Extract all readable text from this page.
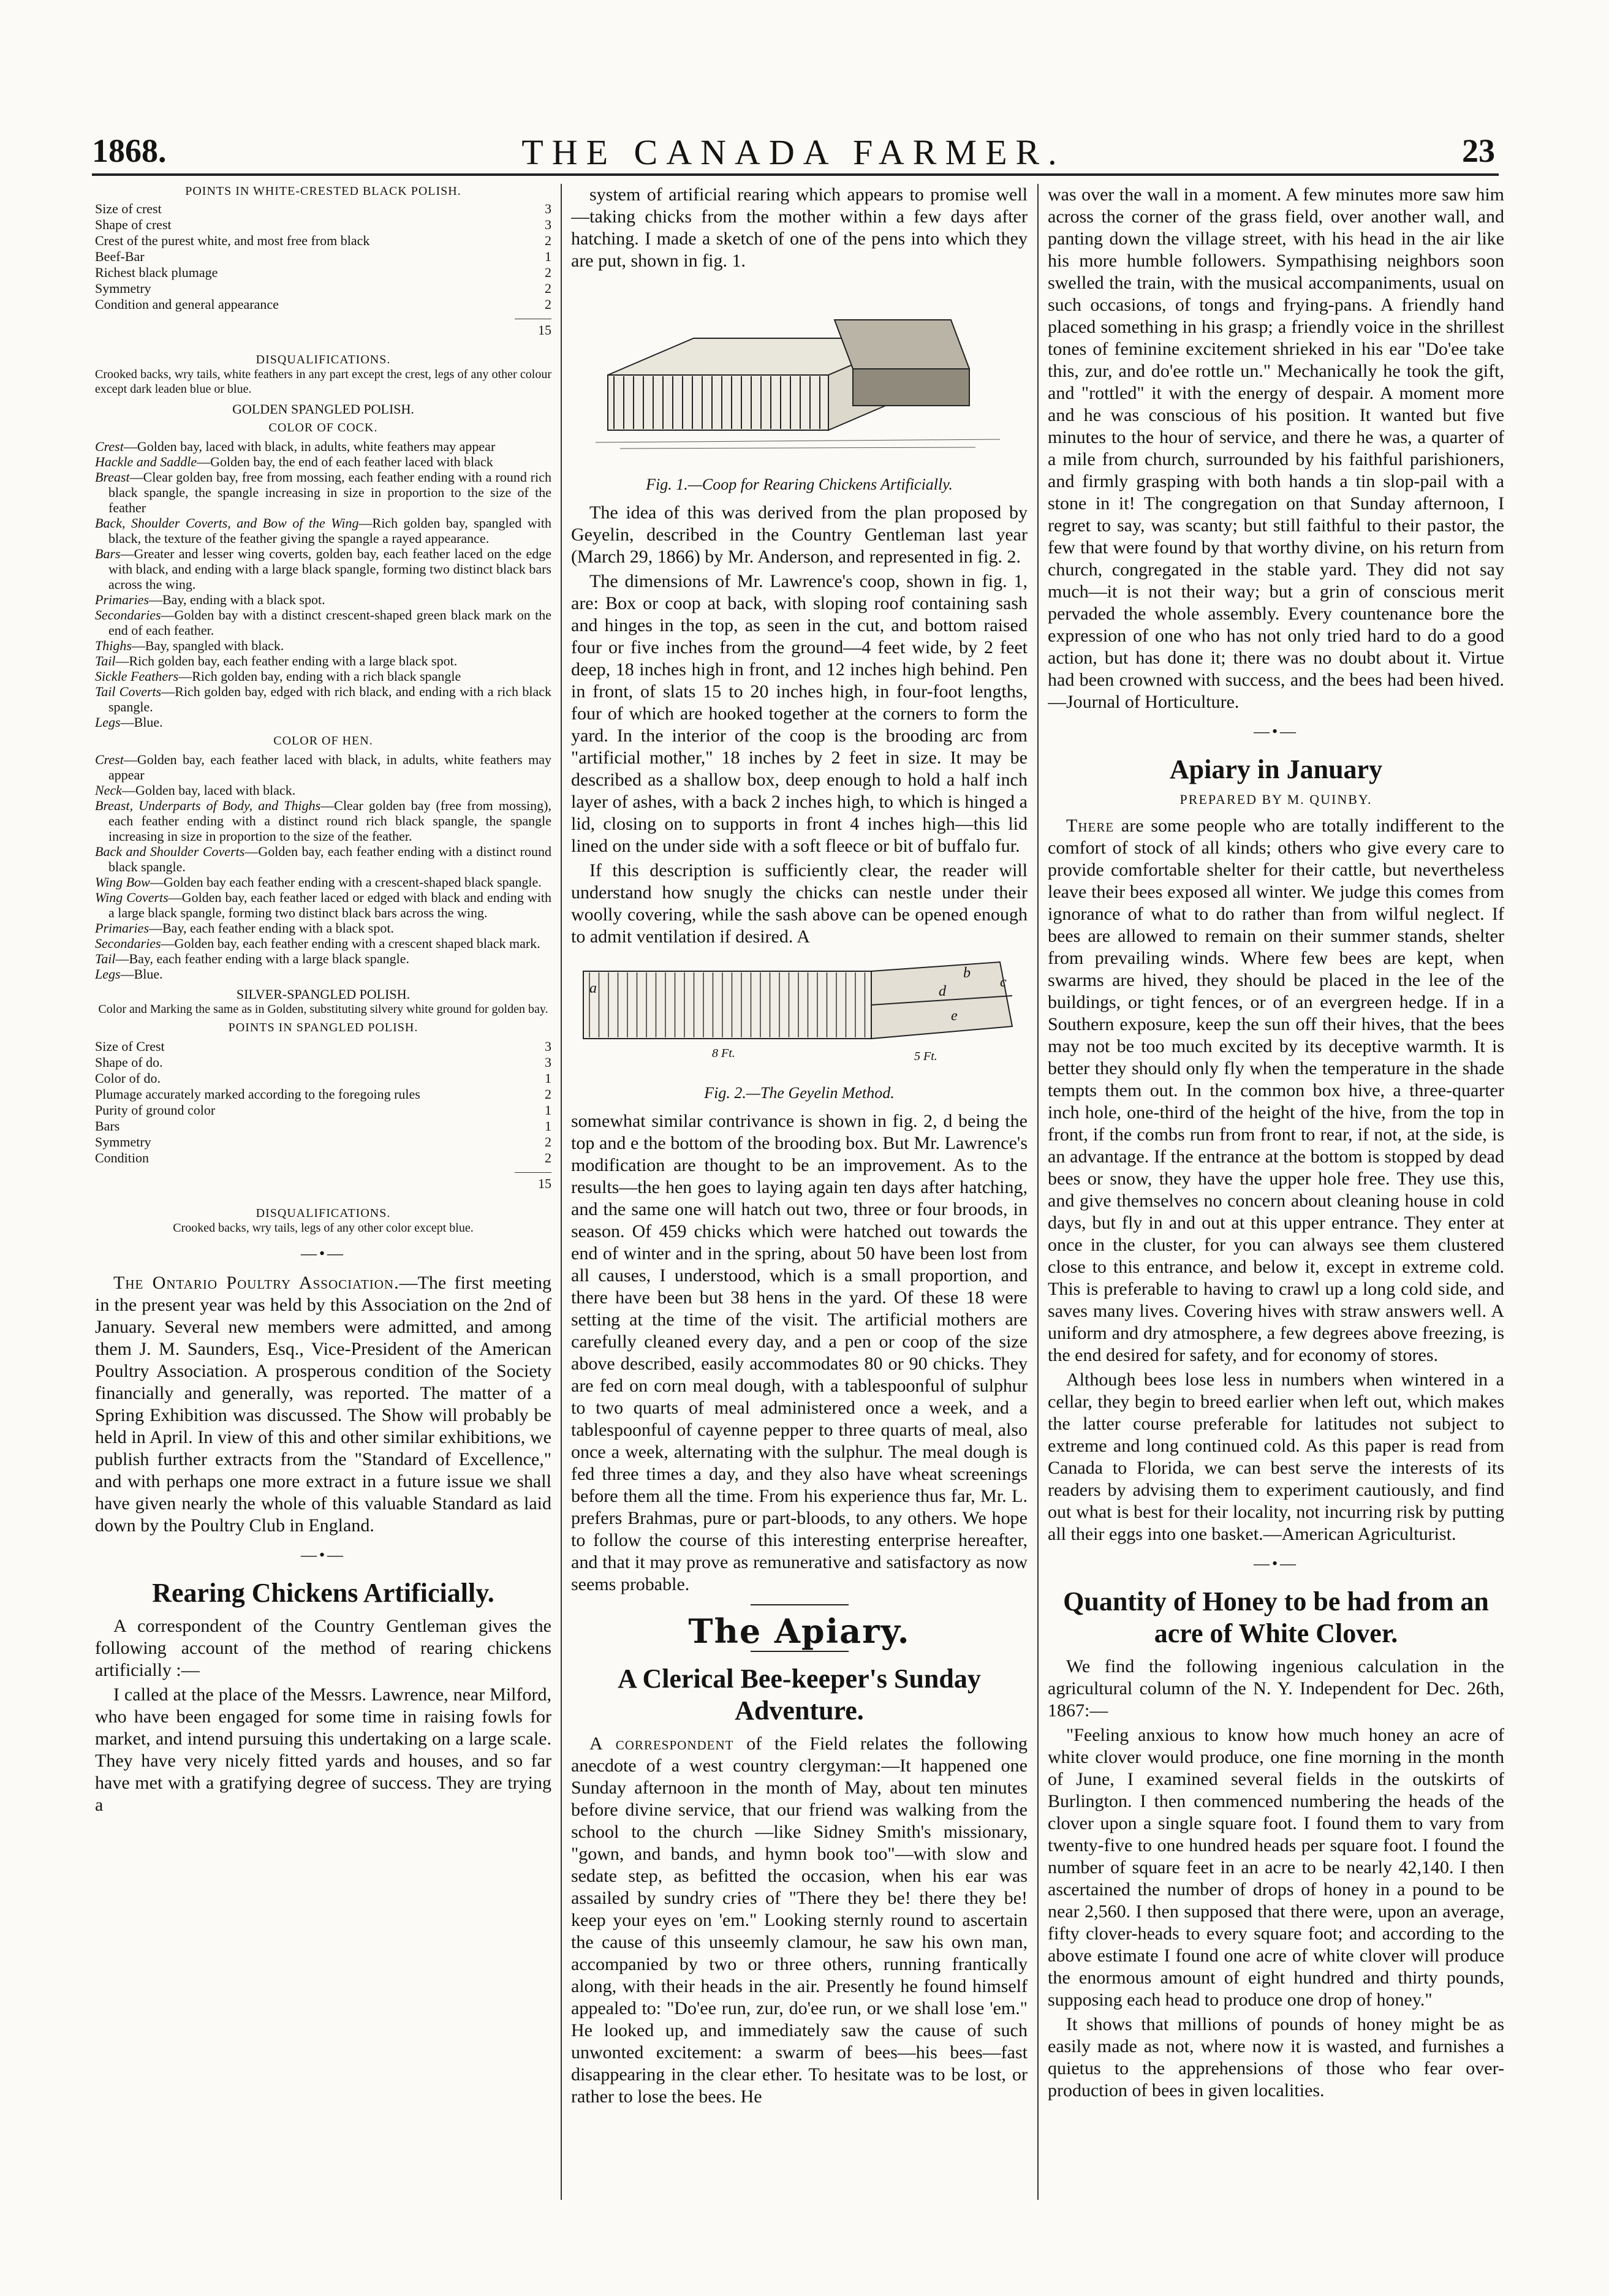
1868.	THE CANADA FARMER.	23
POINTS IN WHITE-CRESTED BLACK POLISH.
Size of crest	3
Shape of crest	3
Crest of the purest white, and most free from black	2
Beef-Bar	1
Richest black plumage	2
Symmetry	2
Condition and general appearance	2
15
DISQUALIFICATIONS.
Crooked backs, wry tails, white feathers in any part except the crest, legs of any other colour except dark leaden blue or blue.
GOLDEN SPANGLED POLISH.
COLOR OF COCK.

Crest—Golden bay, laced with black, in adults, white feathers may appear

Hackle and Saddle—Golden bay, the end of each feather laced with black

Breast—Clear golden bay, free from mossing, each feather ending with a round rich black spangle, the spangle increasing in size in proportion to the size of the feather

Back, Shoulder Coverts, and Bow of the Wing—Rich golden bay, spangled with black, the texture of the feather giving the spangle a rayed appearance.

Bars—Greater and lesser wing coverts, golden bay, each feather laced on the edge with black, and ending with a large black spangle, forming two distinct black bars across the wing.

Primaries—Bay, ending with a black spot.

Secondaries—Golden bay with a distinct crescent-shaped green black mark on the end of each feather.

Thighs—Bay, spangled with black.

Tail—Rich golden bay, each feather ending with a large black spot.

Sickle Feathers—Rich golden bay, ending with a rich black spangle

Tail Coverts—Rich golden bay, edged with rich black, and ending with a rich black spangle.

Legs—Blue.

COLOR OF HEN.

Crest—Golden bay, each feather laced with black, in adults, white feathers may appear

Neck—Golden bay, laced with black.

Breast, Underparts of Body, and Thighs—Clear golden bay (free from mossing), each feather ending with a distinct round rich black spangle, the spangle increasing in size in proportion to the size of the feather.

Back and Shoulder Coverts—Golden bay, each feather ending with a distinct round black spangle.

Wing Bow—Golden bay each feather ending with a crescent-shaped black spangle.

Wing Coverts—Golden bay, each feather laced or edged with black and ending with a large black spangle, forming two distinct black bars across the wing.

Primaries—Bay, each feather ending with a black spot.

Secondaries—Golden bay, each feather ending with a crescent shaped black mark.

Tail—Bay, each feather ending with a large black spangle.

Legs—Blue.

SILVER-SPANGLED POLISH.
Color and Marking the same as in Golden, substituting silvery white ground for golden bay.
POINTS IN SPANGLED POLISH.
Size of Crest	3
Shape of do.	3
Color of do.	1
Plumage accurately marked according to the foregoing rules	2
Purity of ground color	1
Bars	1
Symmetry	2
Condition	2
15
DISQUALIFICATIONS.
Crooked backs, wry tails, legs of any other color except blue.
—•—

The Ontario Poultry Association.—The first meeting in the present year was held by this Association on the 2nd of January. Several new members were admitted, and among them J. M. Saunders, Esq., Vice-President of the American Poultry Association. A prosperous condition of the Society financially and generally, was reported. The matter of a Spring Exhibition was discussed. The Show will probably be held in April. In view of this and other similar exhibitions, we publish further extracts from the "Standard of Excellence," and with perhaps one more extract in a future issue we shall have given nearly the whole of this valuable Standard as laid down by the Poultry Club in England.

—•—
Rearing Chickens Artificially.

A correspondent of the Country Gentleman gives the following account of the method of rearing chickens artificially :—

I called at the place of the Messrs. Lawrence, near Milford, who have been engaged for some time in raising fowls for market, and intend pursuing this undertaking on a large scale. They have very nicely fitted yards and houses, and so far have met with a gratifying degree of success. They are trying a

system of artificial rearing which appears to promise well—taking chicks from the mother within a few days after hatching. I made a sketch of one of the pens into which they are put, shown in fig. 1.

Fig. 1.—Coop for Rearing Chickens Artificially.

The idea of this was derived from the plan proposed by Geyelin, described in the Country Gentleman last year (March 29, 1866) by Mr. Anderson, and represented in fig. 2.

The dimensions of Mr. Lawrence's coop, shown in fig. 1, are: Box or coop at back, with sloping roof containing sash and hinges in the top, as seen in the cut, and bottom raised four or five inches from the ground—4 feet wide, by 2 feet deep, 18 inches high in front, and 12 inches high behind. Pen in front, of slats 15 to 20 inches high, in four-foot lengths, four of which are hooked together at the corners to form the yard. In the interior of the coop is the brooding arc from "artificial mother," 18 inches by 2 feet in size. It may be described as a shallow box, deep enough to hold a half inch layer of ashes, with a back 2 inches high, to which is hinged a lid, closing on to supports in front 4 inches high—this lid lined on the under side with a soft fleece or bit of buffalo fur.

If this description is sufficiently clear, the reader will understand how snugly the chicks can nestle under their woolly covering, while the sash above can be opened enough to admit ventilation if desired. A

a
b
c
d
e
8 Ft.	5 Ft.
Fig. 2.—The Geyelin Method.

somewhat similar contrivance is shown in fig. 2, d being the top and e the bottom of the brooding box. But Mr. Lawrence's modification are thought to be an improvement. As to the results—the hen goes to laying again ten days after hatching, and the same one will hatch out two, three or four broods, in season. Of 459 chicks which were hatched out towards the end of winter and in the spring, about 50 have been lost from all causes, I understood, which is a small proportion, and there have been but 38 hens in the yard. Of these 18 were setting at the time of the visit. The artificial mothers are carefully cleaned every day, and a pen or coop of the size above described, easily accommodates 80 or 90 chicks. They are fed on corn meal dough, with a tablespoonful of sulphur to two quarts of meal administered once a week, and a tablespoonful of cayenne pepper to three quarts of meal, also once a week, alternating with the sulphur. The meal dough is fed three times a day, and they also have wheat screenings before them all the time. From his experience thus far, Mr. L. prefers Brahmas, pure or part-bloods, to any others. We hope to follow the course of this interesting enterprise hereafter, and that it may prove as remunerative and satisfactory as now seems probable.

The Apiary.
A Clerical Bee-keeper's Sunday Adventure.

A correspondent of the Field relates the following anecdote of a west country clergyman:—It happened one Sunday afternoon in the month of May, about ten minutes before divine service, that our friend was walking from the school to the church —like Sidney Smith's missionary, "gown, and bands, and hymn book too"—with slow and sedate step, as befitted the occasion, when his ear was assailed by sundry cries of "There they be! there they be! keep your eyes on 'em." Looking sternly round to ascertain the cause of this unseemly clamour, he saw his own man, accompanied by two or three others, running frantically along, with their heads in the air. Presently he found himself appealed to: "Do'ee run, zur, do'ee run, or we shall lose 'em." He looked up, and immediately saw the cause of such unwonted excitement: a swarm of bees—his bees—fast disappearing in the clear ether. To hesitate was to be lost, or rather to lose the bees. He

was over the wall in a moment. A few minutes more saw him across the corner of the grass field, over another wall, and panting down the village street, with his head in the air like his more humble followers. Sympathising neighbors soon swelled the train, with the musical accompaniments, usual on such occasions, of tongs and frying-pans. A friendly hand placed something in his grasp; a friendly voice in the shrillest tones of feminine excitement shrieked in his ear "Do'ee take this, zur, and do'ee rottle un." Mechanically he took the gift, and "rottled" it with the energy of despair. A moment more and he was conscious of his position. It wanted but five minutes to the hour of service, and there he was, a quarter of a mile from church, surrounded by his faithful parishioners, and firmly grasping with both hands a tin slop-pail with a stone in it! The congregation on that Sunday afternoon, I regret to say, was scanty; but still faithful to their pastor, the few that were found by that worthy divine, on his return from church, congregated in the stable yard. They did not say much—it is not their way; but a grin of conscious merit pervaded the whole assembly. Every countenance bore the expression of one who has not only tried hard to do a good action, but has done it; there was no doubt about it. Virtue had been crowned with success, and the bees had been hived.—Journal of Horticulture.

—•—
Apiary in January
PREPARED BY M. QUINBY.

There are some people who are totally indifferent to the comfort of stock of all kinds; others who give every care to provide comfortable shelter for their cattle, but nevertheless leave their bees exposed all winter. We judge this comes from ignorance of what to do rather than from wilful neglect. If bees are allowed to remain on their summer stands, shelter from prevailing winds. Where few bees are kept, when swarms are hived, they should be placed in the lee of the buildings, or tight fences, or of an evergreen hedge. If in a Southern exposure, keep the sun off their hives, that the bees may not be too much excited by its deceptive warmth. It is better they should only fly when the temperature in the shade tempts them out. In the common box hive, a three-quarter inch hole, one-third of the height of the hive, from the top in front, if the combs run from front to rear, if not, at the side, is an advantage. If the entrance at the bottom is stopped by dead bees or snow, they have the upper hole free. They use this, and give themselves no concern about cleaning house in cold days, but fly in and out at this upper entrance. They enter at once in the cluster, for you can always see them clustered close to this entrance, and below it, except in extreme cold. This is preferable to having to crawl up a long cold side, and saves many lives. Covering hives with straw answers well. A uniform and dry atmosphere, a few degrees above freezing, is the end desired for safety, and for economy of stores.

Although bees lose less in numbers when wintered in a cellar, they begin to breed earlier when left out, which makes the latter course preferable for latitudes not subject to extreme and long continued cold. As this paper is read from Canada to Florida, we can best serve the interests of its readers by advising them to experiment cautiously, and find out what is best for their locality, not incurring risk by putting all their eggs into one basket.—American Agriculturist.

—•—
Quantity of Honey to be had from an acre of White Clover.

We find the following ingenious calculation in the agricultural column of the N. Y. Independent for Dec. 26th, 1867:—

"Feeling anxious to know how much honey an acre of white clover would produce, one fine morning in the month of June, I examined several fields in the outskirts of Burlington. I then commenced numbering the heads of the clover upon a single square foot. I found them to vary from twenty-five to one hundred heads per square foot. I found the number of square feet in an acre to be nearly 42,140. I then ascertained the number of drops of honey in a pound to be near 2,560. I then supposed that there were, upon an average, fifty clover-heads to every square foot; and according to the above estimate I found one acre of white clover will produce the enormous amount of eight hundred and thirty pounds, supposing each head to produce one drop of honey."

It shows that millions of pounds of honey might be as easily made as not, where now it is wasted, and furnishes a quietus to the apprehensions of those who fear over-production of bees in given localities.
